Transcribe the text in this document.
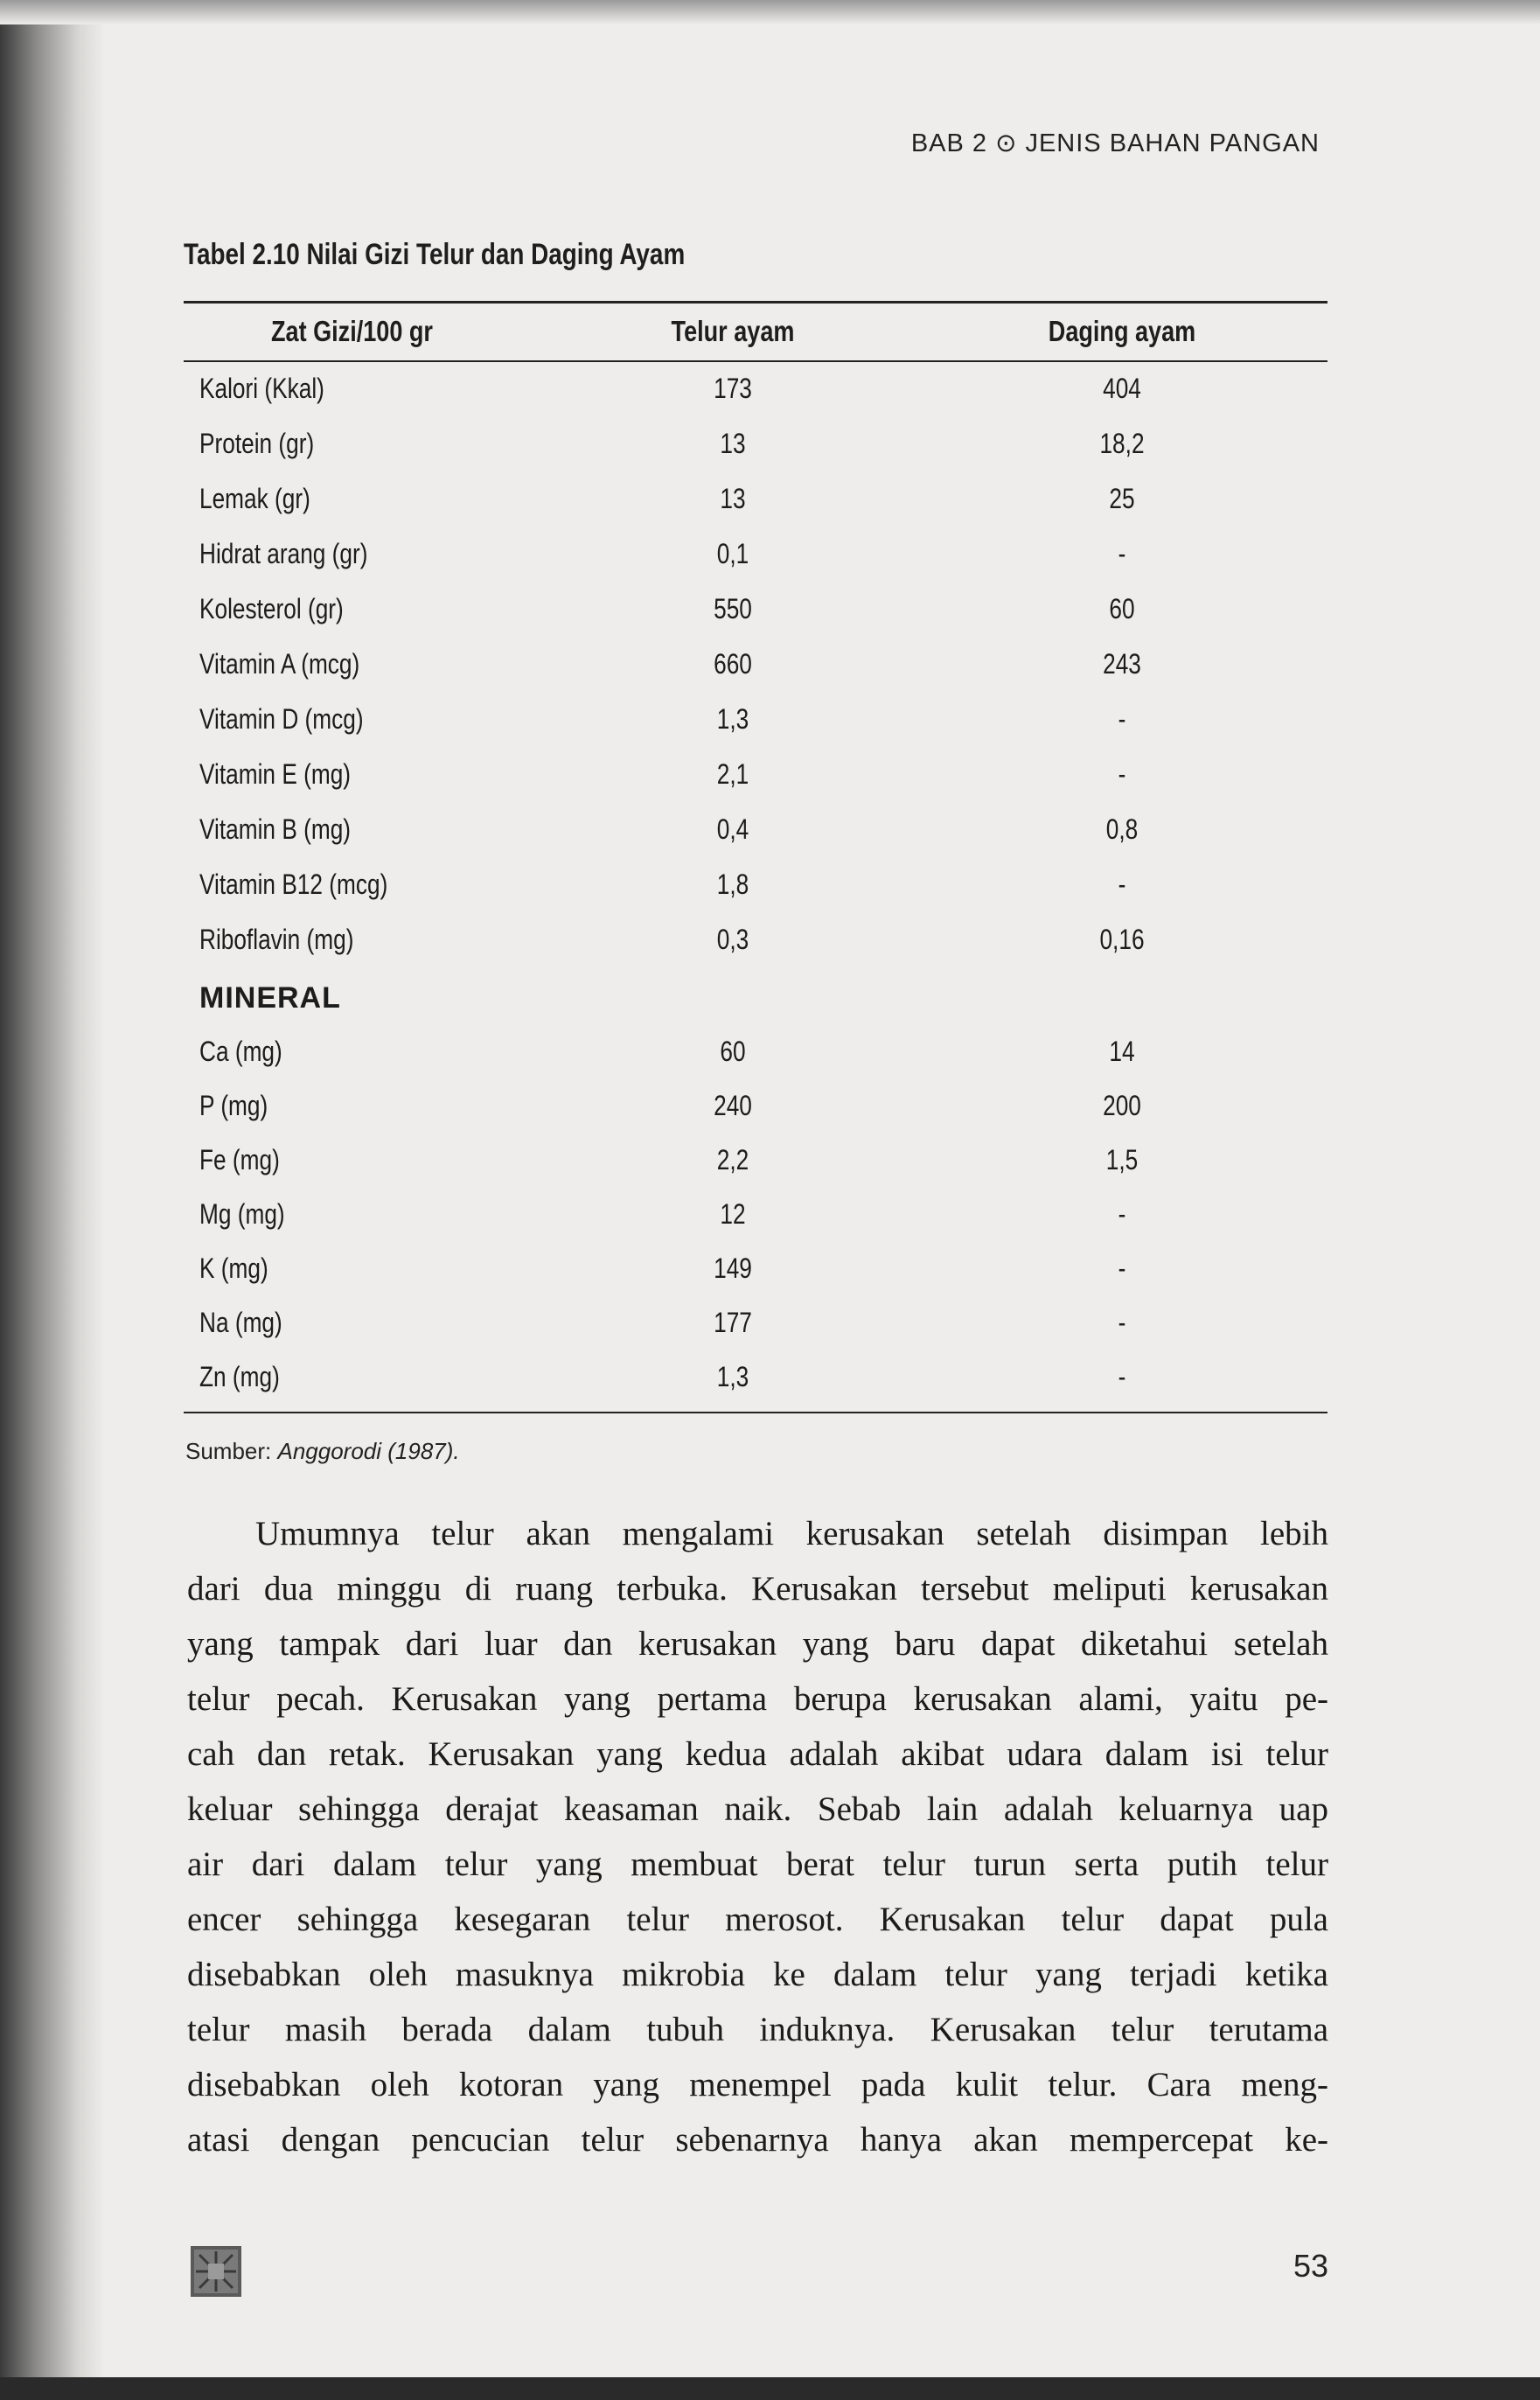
BAB 2 ⊙ JENIS BAHAN PANGAN
Tabel 2.10 Nilai Gizi Telur dan Daging Ayam
Zat Gizi/100 gr	Telur ayam	Daging ayam
Kalori (Kkal)	173	404
Protein (gr)	13	18,2
Lemak (gr)	13	25
Hidrat arang (gr)	0,1	-
Kolesterol (gr)	550	60
Vitamin A (mcg)	660	243
Vitamin D (mcg)	1,3	-
Vitamin E (mg)	2,1	-
Vitamin B (mg)	0,4	0,8
Vitamin B12 (mcg)	1,8	-
Riboflavin (mg)	0,3	0,16
MINERAL
Ca (mg)	60	14
P (mg)	240	200
Fe (mg)	2,2	1,5
Mg (mg)	12	-
K (mg)	149	-
Na (mg)	177	-
Zn (mg)	1,3	-
Sumber: Anggorodi (1987).
Umumnya telur akan mengalami kerusakan setelah disimpan lebih
dari dua minggu di ruang terbuka. Kerusakan tersebut meliputi kerusakan
yang tampak dari luar dan kerusakan yang baru dapat diketahui setelah
telur pecah. Kerusakan yang pertama berupa kerusakan alami, yaitu pe-
cah dan retak. Kerusakan yang kedua adalah akibat udara dalam isi telur
keluar sehingga derajat keasaman naik. Sebab lain adalah keluarnya uap
air dari dalam telur yang membuat berat telur turun serta putih telur
encer sehingga kesegaran telur merosot. Kerusakan telur dapat pula
disebabkan oleh masuknya mikrobia ke dalam telur yang terjadi ketika
telur masih berada dalam tubuh induknya. Kerusakan telur terutama
disebabkan oleh kotoran yang menempel pada kulit telur. Cara meng-
atasi dengan pencucian telur sebenarnya hanya akan mempercepat ke-
53
